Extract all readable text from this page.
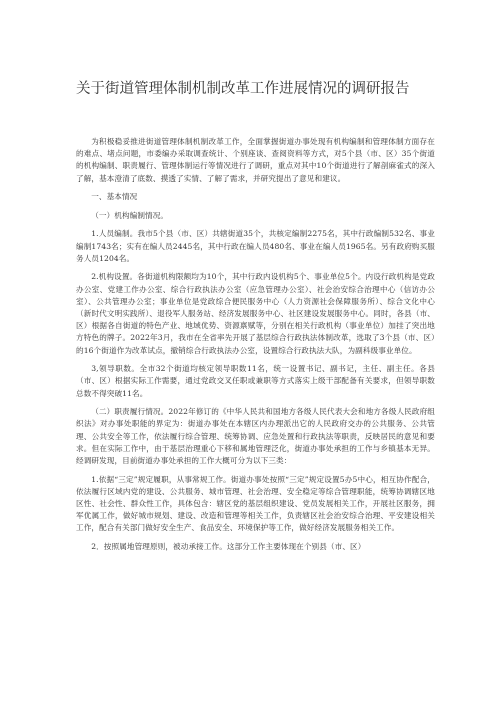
关于街道管理体制机制改革工作进展情况的调研报告

为积极稳妥推进街道管理体制机制改革工作，全面掌握街道办事处现有机构编制和管理体制方面存在的难点、堵点问题，市委编办采取调查统计、个别座谈、查阅资料等方式，对5个县（市、区）35个街道的机构编制、职责履行、管理体制运行等情况进行了调研，重点对其中10个街道进行了解剖麻雀式的深入了解，基本澄清了底数、摸透了实情、了解了需求，并研究提出了意见和建议。

一、基本情况

（一）机构编制情况。

1.人员编制。我市5个县（市、区）共辖街道35个，共核定编制2275名，其中行政编制532名、事业编制1743名；实有在编人员2445名，其中行政在编人员480名、事业在编人员1965名。另有政府购买服务人员1204名。

2.机构设置。各街道机构限额均为10个，其中行政内设机构5个、事业单位5个。内设行政机构是党政办公室、党建工作办公室、综合行政执法办公室（应急管理办公室）、社会治安综合治理中心（信访办公室）、公共管理办公室；事业单位是党政综合便民服务中心（人力资源社会保障服务所）、综合文化中心（新时代文明实践所）、退役军人服务站、经济发展服务中心、社区建设发展服务中心。同时，各县（市、区）根据各自街道的特色产业、地域优势、资源禀赋等，分别在相关行政机构（事业单位）加挂了突出地方特色的牌子。2022年3月，我市在全省率先开展了基层综合行政执法体制改革，选取了3个县（市、区）的16个街道作为改革试点，撤销综合行政执法办公室，设置综合行政执法大队，为副科级事业单位。

3,领导职数。全市32个街道均核定领导职数11名，统一设置书记、副书记，主任、副主任。各县（市、区）根据实际工作需要，通过党政交叉任职或兼职等方式落实上级干部配备有关要求，但领导职数总数不得突破11名。

（二）职责履行情况。2022年修订的《中华人民共和国地方各级人民代表大会和地方各级人民政府组织法》对办事处职能的界定为：街道办事处在本辖区内办理派出它的人民政府交办的公共服务、公共管理、公共安全等工作，依法履行综合管理、统筹协调、应急处置和行政执法等职责，反映居民的意见和要求。但在实际工作中，由于基层治理重心下移和属地管理泛化，街道办事处承担的工作与乡镇基本无异。经调研发现，目前街道办事处承担的工作大概可分为以下三类：

1.依据“三定”规定履职，从事常规工作。街道办事处按照“三定”规定设置5办5中心，相互协作配合，依法履行区域内党的建设、公共服务、城市管理、社会治理、安全稳定等综合管理职能，统筹协调辖区地区性、社会性、群众性工作，具体包含：辖区党的基层组织建设、党员发展相关工作，开展社区服务，拥军优属工作，做好城市规划、建设、改造和管理等相关工作，负责辖区社会治安综合治理、平安建设相关工作，配合有关部门做好安全生产、食品安全、环境保护等工作，做好经济发展服务相关工作。

2．按照属地管理原则，被动承接工作。这部分工作主要体现在个别县（市、区）
